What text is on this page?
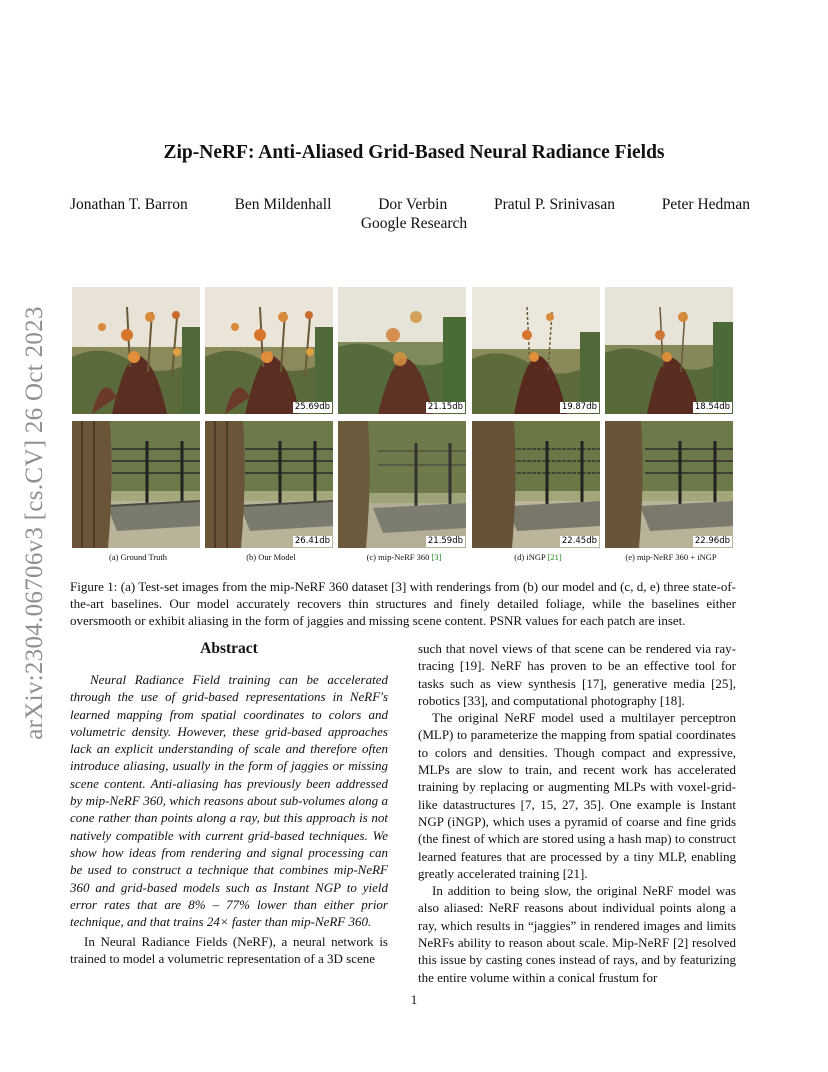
arXiv:2304.06706v3 [cs.CV] 26 Oct 2023
Zip-NeRF: Anti-Aliased Grid-Based Neural Radiance Fields
Jonathan T. Barron	Ben Mildenhall	Dor Verbin	Pratul P. Srinivasan	Peter Hedman
Google Research
25.69db	21.15db	19.87db	18.54db
26.41db	21.59db	22.45db	22.96db
(a) Ground Truth	(b) Our Model	(c) mip-NeRF 360 [3]	(d) iNGP [21]	(e) mip-NeRF 360 + iNGP
Figure 1: (a) Test-set images from the mip-NeRF 360 dataset [3] with renderings from (b) our model and (c, d, e) three state-of-the-art baselines. Our model accurately recovers thin structures and finely detailed foliage, while the baselines either oversmooth or exhibit aliasing in the form of jaggies and missing scene content. PSNR values for each patch are inset.
Abstract
Neural Radiance Field training can be accelerated through the use of grid-based representations in NeRF's learned mapping from spatial coordinates to colors and volumetric density. However, these grid-based approaches lack an explicit understanding of scale and therefore often introduce aliasing, usually in the form of jaggies or missing scene content. Anti-aliasing has previously been addressed by mip-NeRF 360, which reasons about sub-volumes along a cone rather than points along a ray, but this approach is not natively compatible with current grid-based techniques. We show how ideas from rendering and signal processing can be used to construct a technique that combines mip-NeRF 360 and grid-based models such as Instant NGP to yield error rates that are 8% – 77% lower than either prior technique, and that trains 24× faster than mip-NeRF 360.
In Neural Radiance Fields (NeRF), a neural network is trained to model a volumetric representation of a 3D scene

such that novel views of that scene can be rendered via ray-tracing [19]. NeRF has proven to be an effective tool for tasks such as view synthesis [17], generative media [25], robotics [33], and computational photography [18].

The original NeRF model used a multilayer perceptron (MLP) to parameterize the mapping from spatial coordinates to colors and densities. Though compact and expressive, MLPs are slow to train, and recent work has accelerated training by replacing or augmenting MLPs with voxel-grid-like datastructures [7, 15, 27, 35]. One example is Instant NGP (iNGP), which uses a pyramid of coarse and fine grids (the finest of which are stored using a hash map) to construct learned features that are processed by a tiny MLP, enabling greatly accelerated training [21].

In addition to being slow, the original NeRF model was also aliased: NeRF reasons about individual points along a ray, which results in “jaggies” in rendered images and limits NeRFs ability to reason about scale. Mip-NeRF [2] resolved this issue by casting cones instead of rays, and by featurizing the entire volume within a conical frustum for

1
